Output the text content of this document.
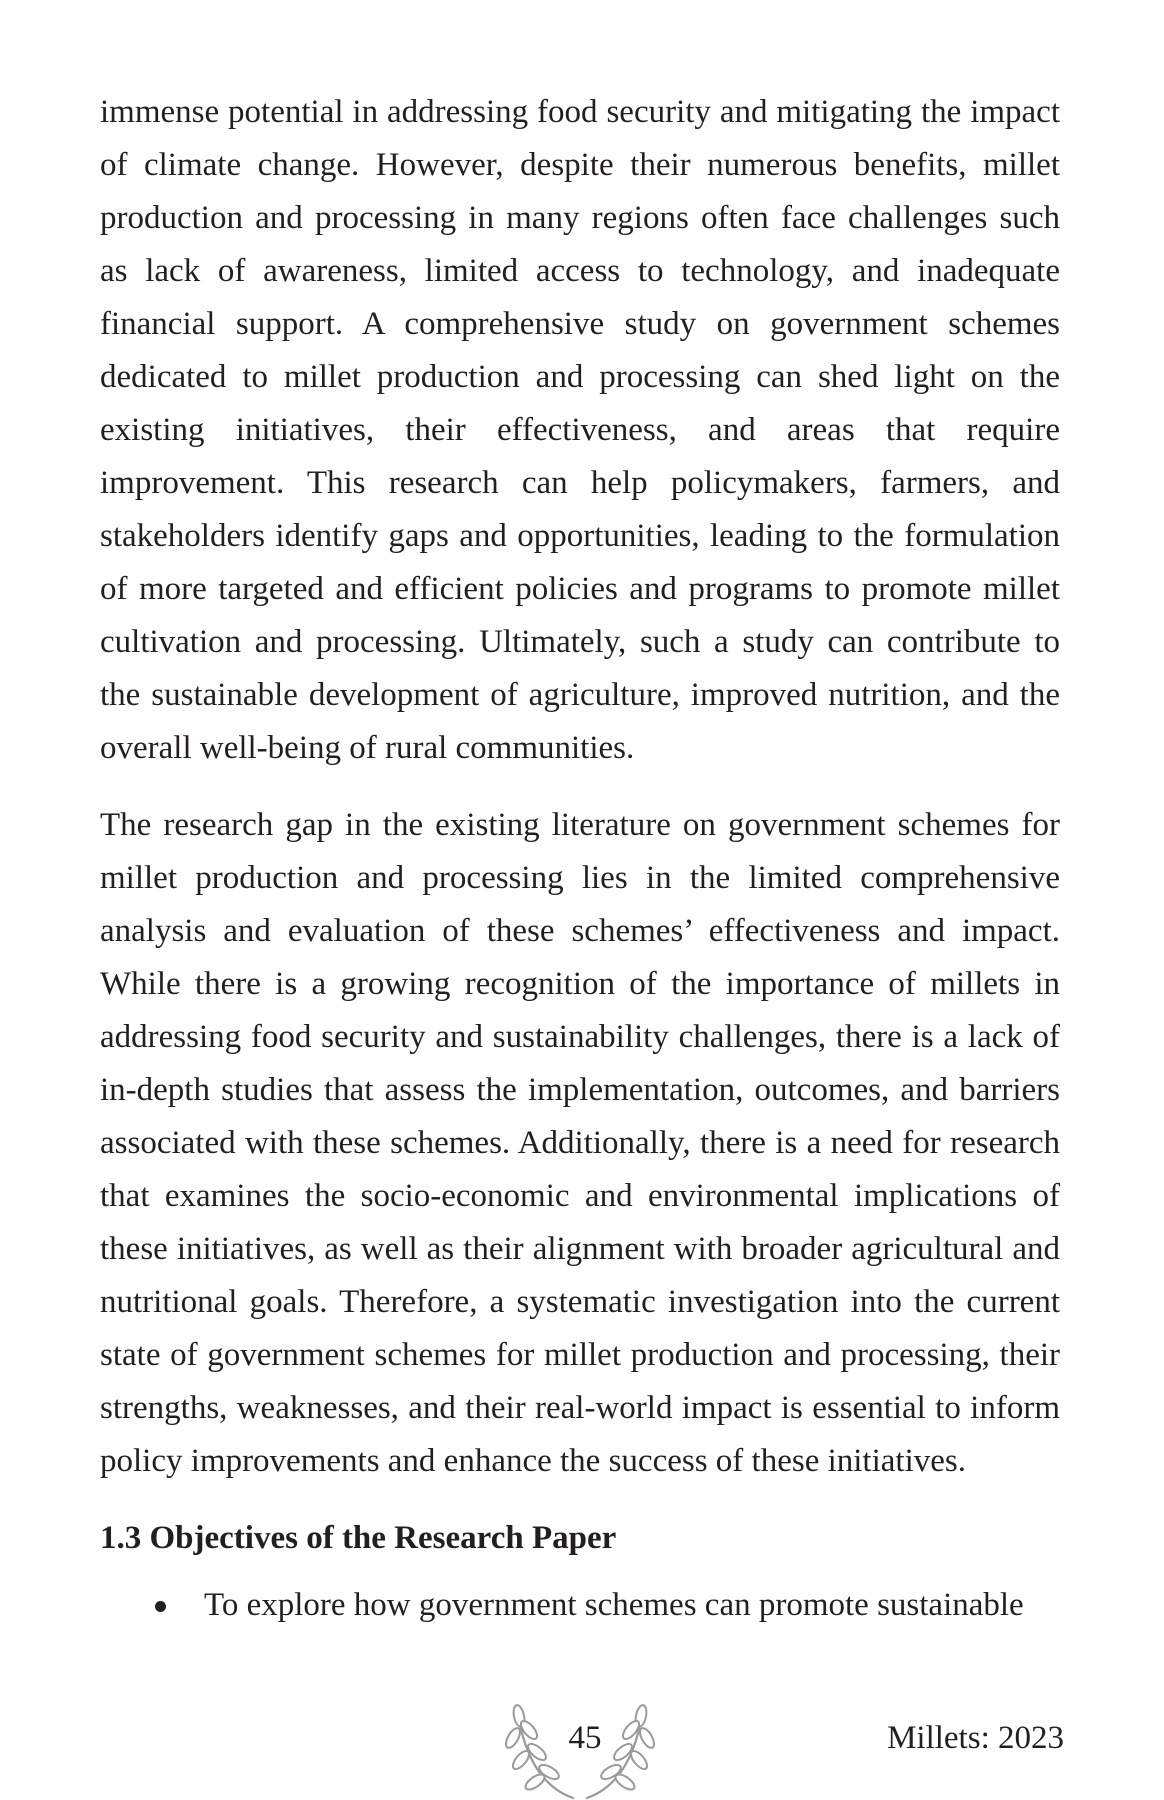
immense potential in addressing food security and mitigating the impact of climate change. However, despite their numerous benefits, millet production and processing in many regions often face challenges such as lack of awareness, limited access to technology, and inadequate financial support. A comprehensive study on government schemes dedicated to millet production and processing can shed light on the existing initiatives, their effectiveness, and areas that require improvement. This research can help policymakers, farmers, and stakeholders identify gaps and opportunities, leading to the formulation of more targeted and efficient policies and programs to promote millet cultivation and processing. Ultimately, such a study can contribute to the sustainable development of agriculture, improved nutrition, and the overall well-being of rural communities.

The research gap in the existing literature on government schemes for millet production and processing lies in the limited comprehensive analysis and evaluation of these schemes’ effectiveness and impact. While there is a growing recognition of the importance of millets in addressing food security and sustainability challenges, there is a lack of in-depth studies that assess the implementation, outcomes, and barriers associated with these schemes. Additionally, there is a need for research that examines the socio-economic and environmental implications of these initiatives, as well as their alignment with broader agricultural and nutritional goals. Therefore, a systematic investigation into the current state of government schemes for millet production and processing, their strengths, weaknesses, and their real-world impact is essential to inform policy improvements and enhance the success of these initiatives.

1.3 Objectives of the Research Paper
To explore how government schemes can promote sustainable
45	Millets: 2023
